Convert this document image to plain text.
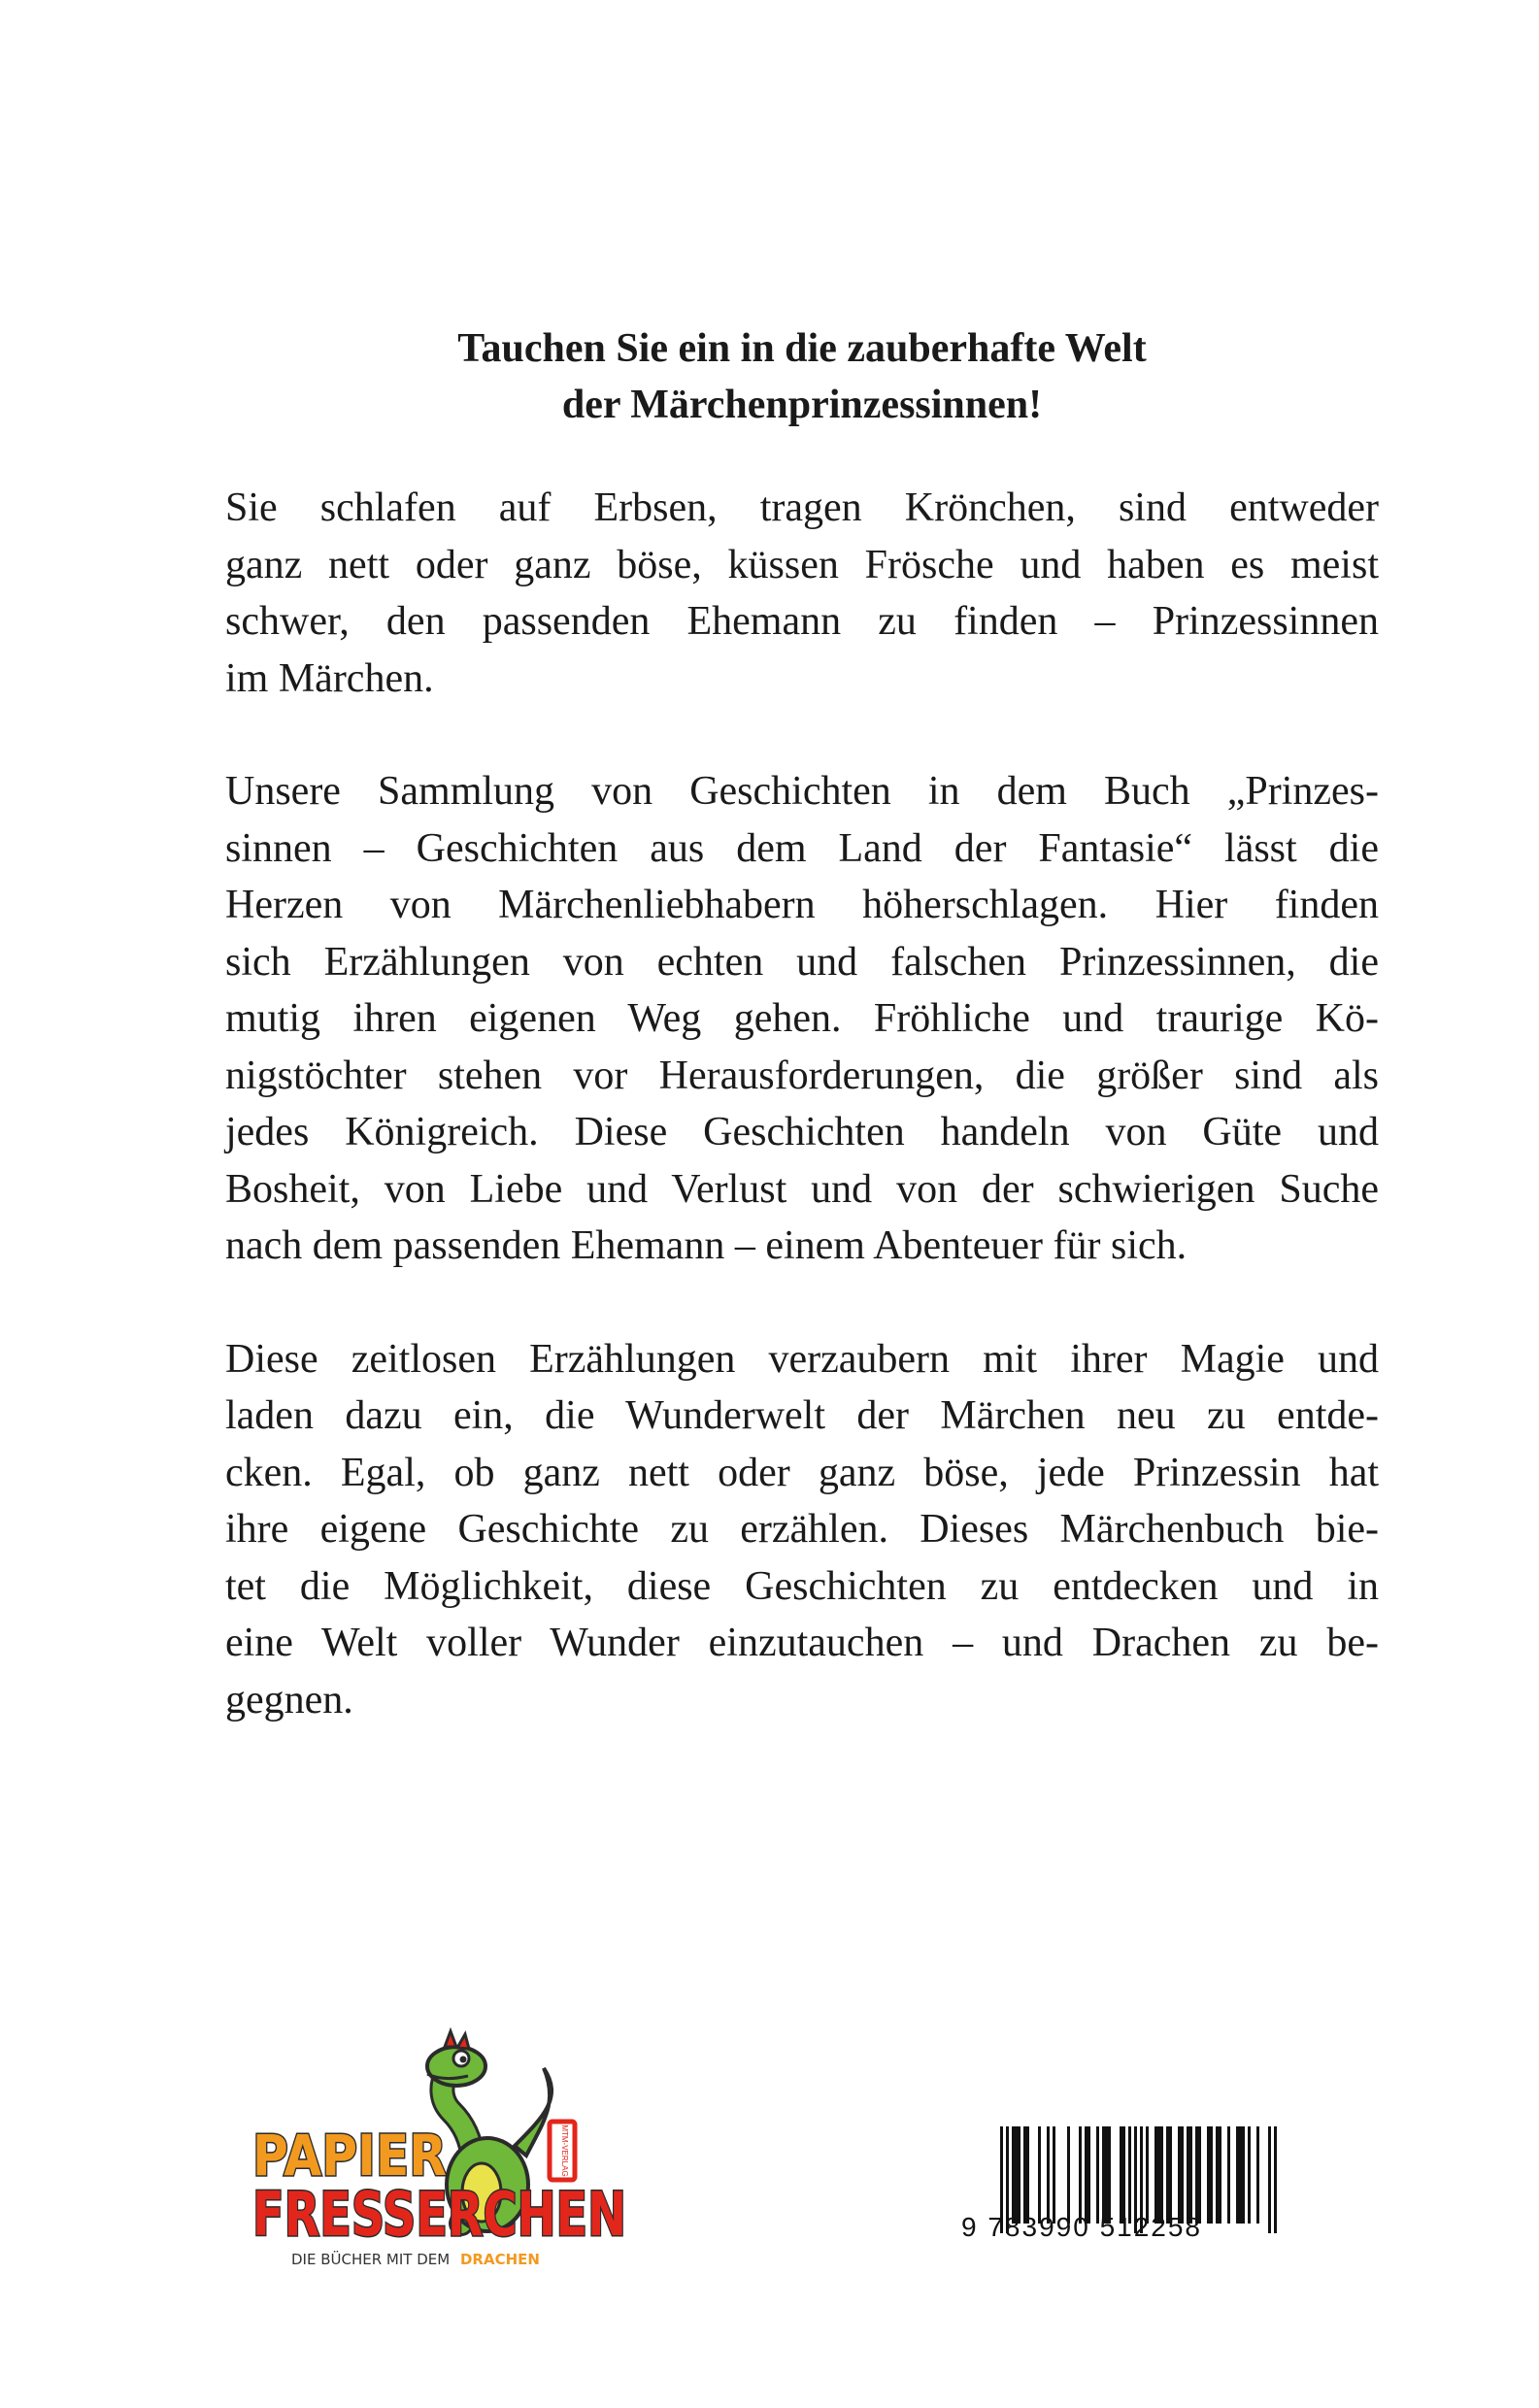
Tauchen Sie ein in die zauberhafte Welt
der Märchenprinzessinnen!
Sie schlafen auf Erbsen, tragen Krönchen, sind entweder
ganz nett oder ganz böse, küssen Frösche und haben es meist
schwer, den passenden Ehemann zu finden – Prinzessinnen
im Märchen.
Unsere Sammlung von Geschichten in dem Buch „Prinzes-
sinnen – Geschichten aus dem Land der Fantasie“ lässt die
Herzen von Märchenliebhabern höherschlagen. Hier finden
sich Erzählungen von echten und falschen Prinzessinnen, die
mutig ihren eigenen Weg gehen. Fröhliche und traurige Kö-
nigstöchter stehen vor Herausforderungen, die größer sind als
jedes Königreich. Diese Geschichten handeln von Güte und
Bosheit, von Liebe und Verlust und von der schwierigen Suche
nach dem passenden Ehemann – einem Abenteuer für sich.
Diese zeitlosen Erzählungen verzaubern mit ihrer Magie und
laden dazu ein, die Wunderwelt der Märchen neu zu entde-
cken. Egal, ob ganz nett oder ganz böse, jede Prinzessin hat
ihre eigene Geschichte zu erzählen. Dieses Märchenbuch bie-
tet die Möglichkeit, diese Geschichten zu entdecken und in
eine Welt voller Wunder einzutauchen – und Drachen zu be-
gegnen.
MTM-VERLAG
PAPIER
FRESSERCHEN
DIE BÜCHER MIT DEM DRACHEN
9 783990 512258
